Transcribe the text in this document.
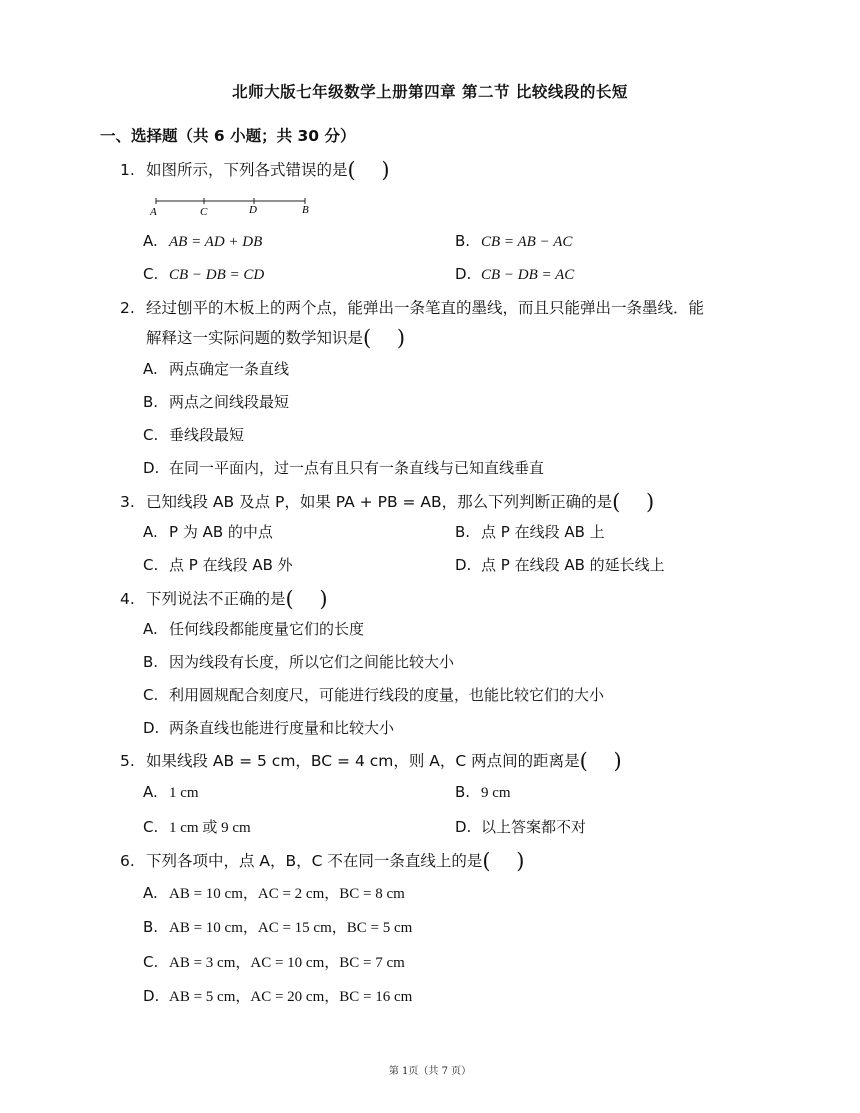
北师大版七年级数学上册第四章 第二节 比较线段的长短
一、选择题（共 6 小题；共 30 分）
1. 如图所示，下列各式错误的是( )
A	C	D	B
A. AB = AD + DB	B. CB = AB − AC
C. CB − DB = CD	D. CB − DB = AC
2. 经过刨平的木板上的两个点，能弹出一条笔直的墨线，而且只能弹出一条墨线．能
解释这一实际问题的数学知识是( )
A. 两点确定一条直线
B. 两点之间线段最短
C. 垂线段最短
D. 在同一平面内，过一点有且只有一条直线与已知直线垂直
3. 已知线段 AB 及点 P，如果 PA + PB = AB，那么下列判断正确的是( )
A. P 为 AB 的中点	B. 点 P 在线段 AB 上
C. 点 P 在线段 AB 外	D. 点 P 在线段 AB 的延长线上
4. 下列说法不正确的是( )
A. 任何线段都能度量它们的长度
B. 因为线段有长度，所以它们之间能比较大小
C. 利用圆规配合刻度尺，可能进行线段的度量，也能比较它们的大小
D. 两条直线也能进行度量和比较大小
5. 如果线段 AB = 5 cm，BC = 4 cm，则 A，C 两点间的距离是( )
A. 1 cm	B. 9 cm
C. 1 cm 或 9 cm	D. 以上答案都不对
6. 下列各项中，点 A，B，C 不在同一条直线上的是( )
A. AB = 10 cm，AC = 2 cm，BC = 8 cm
B. AB = 10 cm，AC = 15 cm，BC = 5 cm
C. AB = 3 cm，AC = 10 cm，BC = 7 cm
D. AB = 5 cm，AC = 20 cm，BC = 16 cm
第 1页（共 7 页）
